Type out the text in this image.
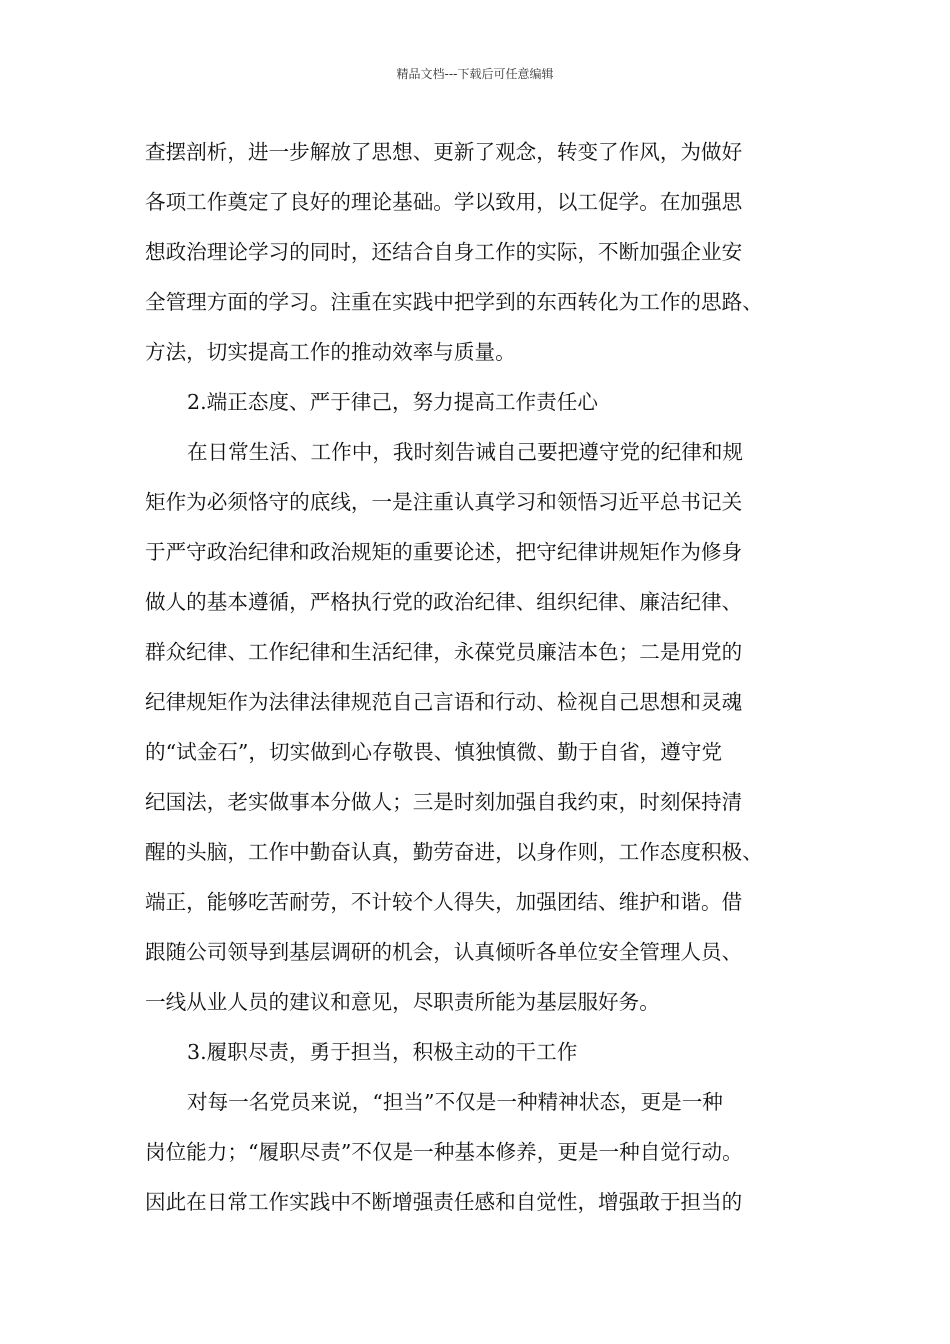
精品文档---下载后可任意编辑
查摆剖析，进一步解放了思想、更新了观念，转变了作风，为做好
各项工作奠定了良好的理论基础。学以致用，以工促学。在加强思
想政治理论学习的同时，还结合自身工作的实际，不断加强企业安
全管理方面的学习。注重在实践中把学到的东西转化为工作的思路、
方法，切实提高工作的推动效率与质量。
2.端正态度、严于律己，努力提高工作责任心
在日常生活、工作中，我时刻告诫自己要把遵守党的纪律和规
矩作为必须恪守的底线，一是注重认真学习和领悟习近平总书记关
于严守政治纪律和政治规矩的重要论述，把守纪律讲规矩作为修身
做人的基本遵循，严格执行党的政治纪律、组织纪律、廉洁纪律、
群众纪律、工作纪律和生活纪律，永葆党员廉洁本色；二是用党的
纪律规矩作为法律法律规范自己言语和行动、检视自己思想和灵魂
的“试金石”，切实做到心存敬畏、慎独慎微、勤于自省，遵守党
纪国法，老实做事本分做人；三是时刻加强自我约束，时刻保持清
醒的头脑，工作中勤奋认真，勤劳奋进，以身作则，工作态度积极、
端正，能够吃苦耐劳，不计较个人得失，加强团结、维护和谐。借
跟随公司领导到基层调研的机会，认真倾听各单位安全管理人员、
一线从业人员的建议和意见，尽职责所能为基层服好务。
3.履职尽责，勇于担当，积极主动的干工作
对每一名党员来说，“担当”不仅是一种精神状态，更是一种
岗位能力；“履职尽责”不仅是一种基本修养，更是一种自觉行动。
因此在日常工作实践中不断增强责任感和自觉性，增强敢于担当的
